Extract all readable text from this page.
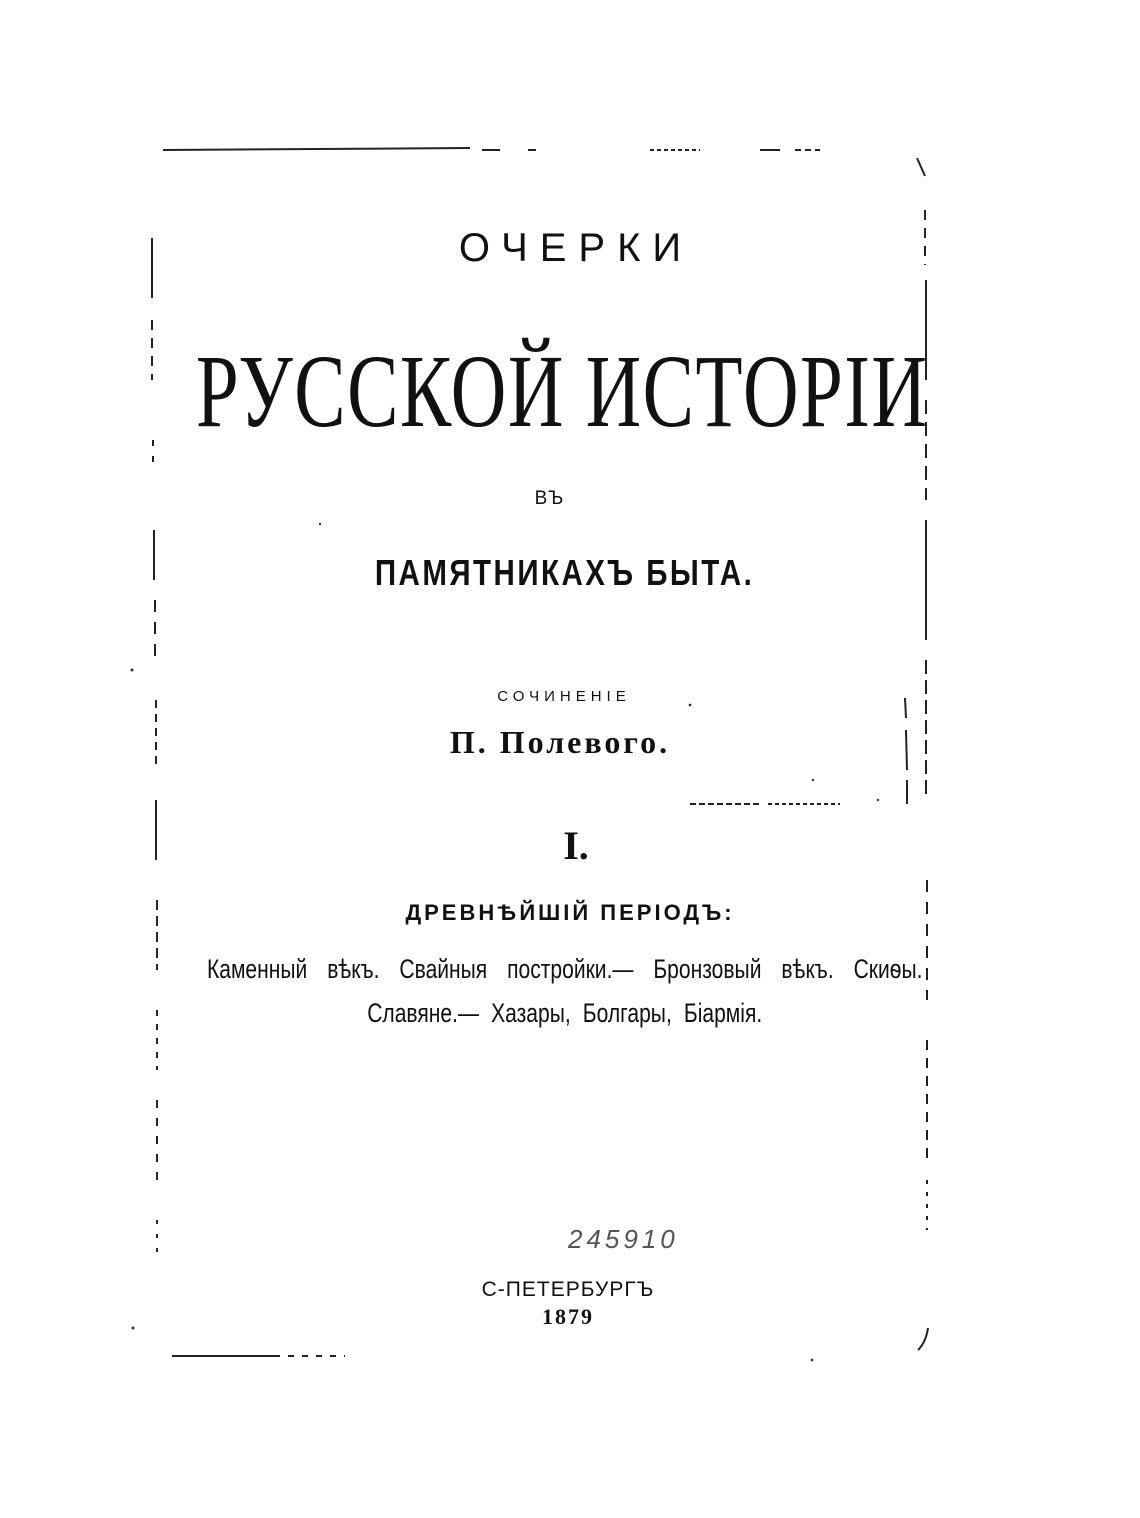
ОЧЕРКИ
РУССКОЙ ИСТОРІИ
ВЪ
ПАМЯТНИКАХЪ БЫТА.
СОЧИНЕНІЕ
П. Полевого.
I.
ДРЕВНѢЙШІЙ ПЕРІОДЪ:
Каменный вѣкъ. Свайныя постройки.— Бронзовый вѣкъ. Скиѳы.
Славяне.— Хазары, Болгары, Біармія.
245910
С-ПЕТЕРБУРГЪ
1879
